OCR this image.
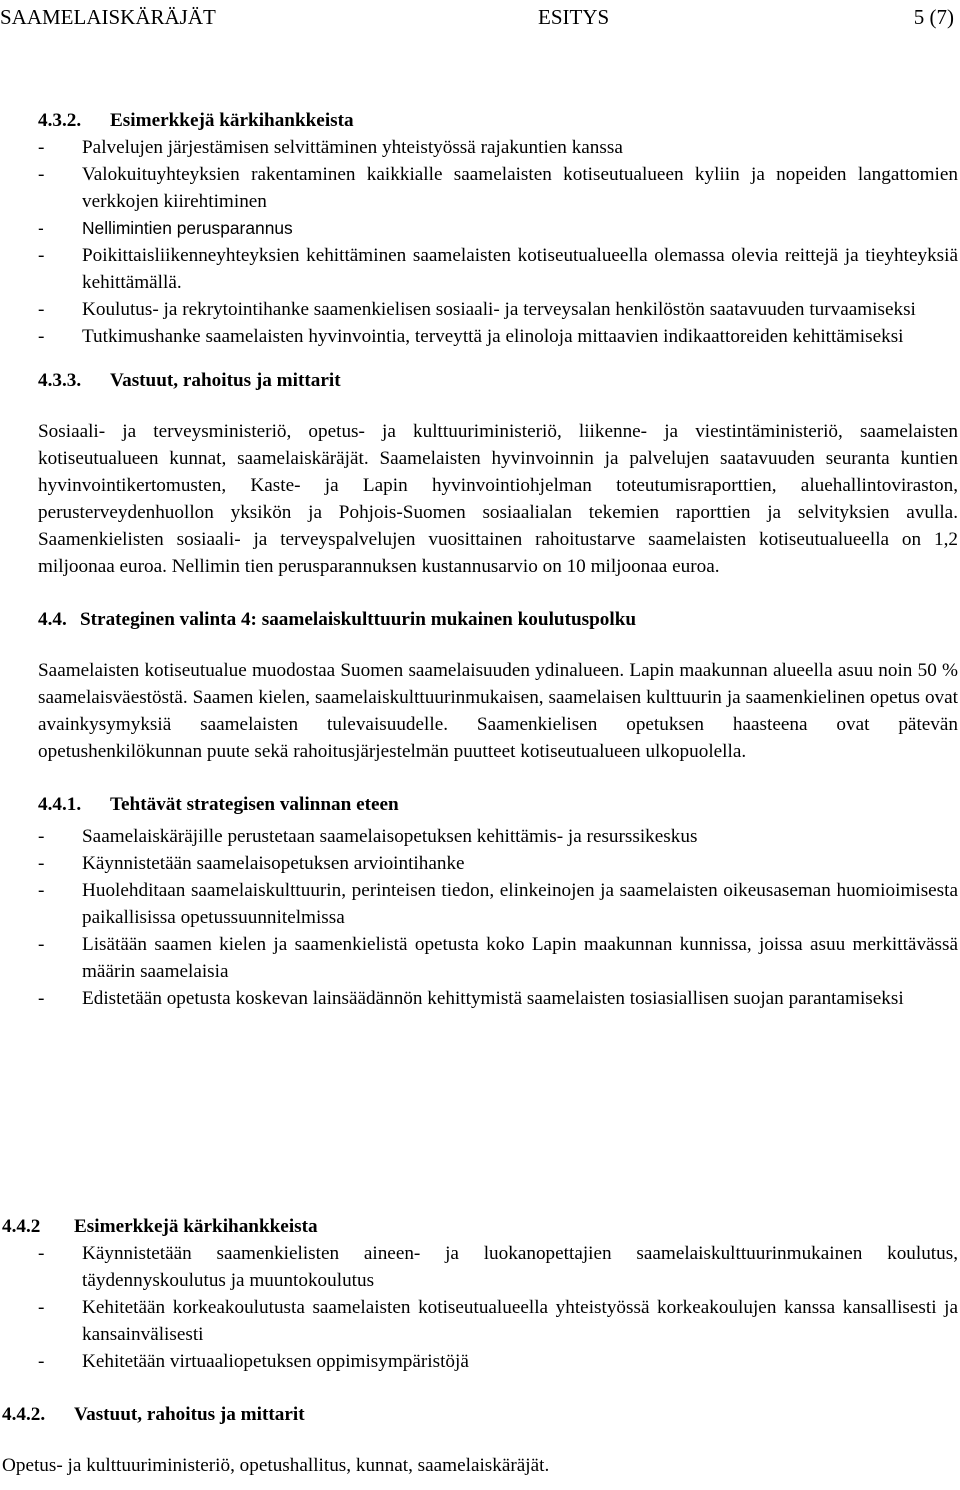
SAAMELAISKÄRÄJÄT	ESITYS	5 (7)
4.3.2. Esimerkkejä kärkihankkeista
- Palvelujen järjestämisen selvittäminen yhteistyössä rajakuntien kanssa
- Valokuituyhteyksien rakentaminen kaikkialle saamelaisten kotiseutualueen kyliin ja nopeiden langattomien verkkojen kiirehtiminen
- Nellimintien perusparannus
- Poikittaisliikenneyhteyksien kehittäminen saamelaisten kotiseutualueella olemassa olevia reittejä ja tieyhteyksiä kehittämällä.
- Koulutus- ja rekrytointihanke saamenkielisen sosiaali- ja terveysalan henkilöstön saatavuuden turvaamiseksi
- Tutkimushanke saamelaisten hyvinvointia, terveyttä ja elinoloja mittaavien indikaattoreiden kehittämiseksi
4.3.3. Vastuut, rahoitus ja mittarit

Sosiaali- ja terveysministeriö, opetus- ja kulttuuriministeriö, liikenne- ja viestintäministeriö, saamelaisten kotiseutualueen kunnat, saamelaiskäräjät. Saamelaisten hyvinvoinnin ja palvelujen saatavuuden seuranta kuntien hyvinvointikertomusten, Kaste- ja Lapin hyvinvointiohjelman toteutumisraporttien, aluehallintoviraston, perusterveydenhuollon yksikön ja Pohjois-Suomen sosiaalialan tekemien raporttien ja selvityksien avulla. Saamenkielisten sosiaali- ja terveyspalvelujen vuosittainen rahoitustarve saamelaisten kotiseutualueella on 1,2 miljoonaa euroa. Nellimin tien perusparannuksen kustannusarvio on 10 miljoonaa euroa.

4.4. Strateginen valinta 4: saamelaiskulttuurin mukainen koulutuspolku

Saamelaisten kotiseutualue muodostaa Suomen saamelaisuuden ydinalueen. Lapin maakunnan alueella asuu noin 50 % saamelaisväestöstä. Saamen kielen, saamelaiskulttuurinmukaisen, saamelaisen kulttuurin ja saamenkielinen opetus ovat avainkysymyksiä saamelaisten tulevaisuudelle. Saamenkielisen opetuksen haasteena ovat pätevän opetushenkilökunnan puute sekä rahoitusjärjestelmän puutteet kotiseutualueen ulkopuolella.

4.4.1. Tehtävät strategisen valinnan eteen
- Saamelaiskäräjille perustetaan saamelaisopetuksen kehittämis- ja resurssikeskus
- Käynnistetään saamelaisopetuksen arviointihanke
- Huolehditaan saamelaiskulttuurin, perinteisen tiedon, elinkeinojen ja saamelaisten oikeusaseman huomioimisesta paikallisissa opetussuunnitelmissa
- Lisätään saamen kielen ja saamenkielistä opetusta koko Lapin maakunnan kunnissa, joissa asuu merkittävässä määrin saamelaisia
- Edistetään opetusta koskevan lainsäädännön kehittymistä saamelaisten tosiasiallisen suojan parantamiseksi
4.4.2 Esimerkkejä kärkihankkeista
- Käynnistetään saamenkielisten aineen- ja luokanopettajien saamelaiskulttuurinmukainen koulutus, täydennyskoulutus ja muuntokoulutus
- Kehitetään korkeakoulutusta saamelaisten kotiseutualueella yhteistyössä korkeakoulujen kanssa kansallisesti ja kansainvälisesti
- Kehitetään virtuaaliopetuksen oppimisympäristöjä
4.4.2. Vastuut, rahoitus ja mittarit

Opetus- ja kulttuuriministeriö, opetushallitus, kunnat, saamelaiskäräjät.
